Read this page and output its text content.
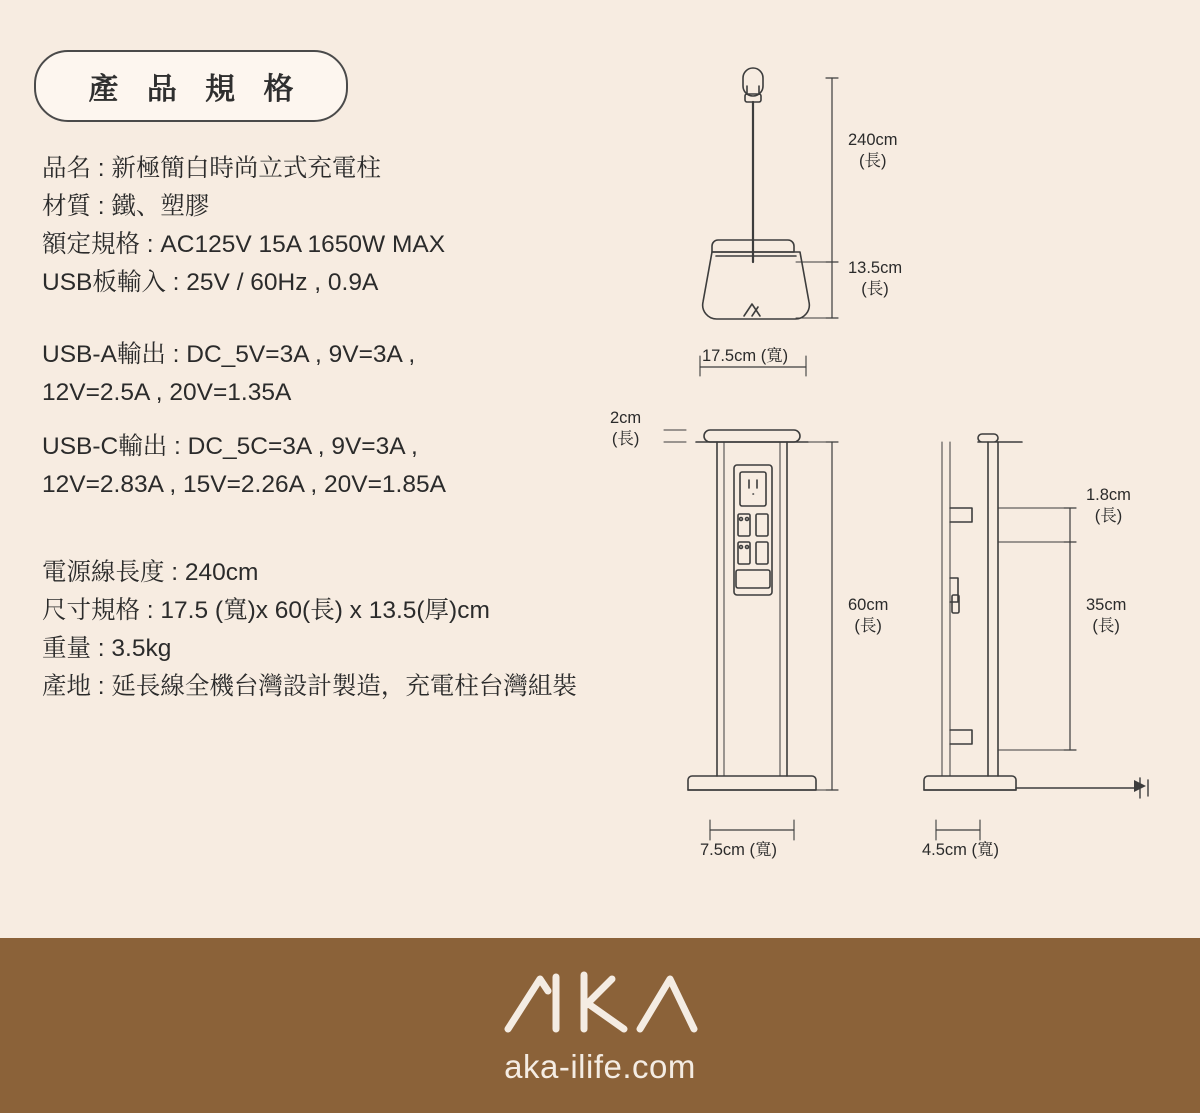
產 品 規 格
品名 : 新極簡白時尚立式充電柱
材質 : 鐵、塑膠
額定規格 : AC125V 15A 1650W MAX
USB板輸入 : 25V / 60Hz , 0.9A
USB-A輸出 : DC_5V=3A , 9V=3A ,
12V=2.5A , 20V=1.35A
USB-C輸出 : DC_5C=3A , 9V=3A ,
12V=2.83A , 15V=2.26A , 20V=1.85A
電源線長度 : 240cm
尺寸規格 : 17.5 (寬)x 60(長) x 13.5(厚)cm
重量 : 3.5kg
產地 : 延長線全機台灣設計製造，充電柱台灣組裝
240cm
(長)
13.5cm
(長)
17.5cm (寬)
2cm
(長)
60cm
(長)
1.8cm
(長)
35cm
(長)
7.5cm (寬)	4.5cm (寬)
aka-ilife.com
